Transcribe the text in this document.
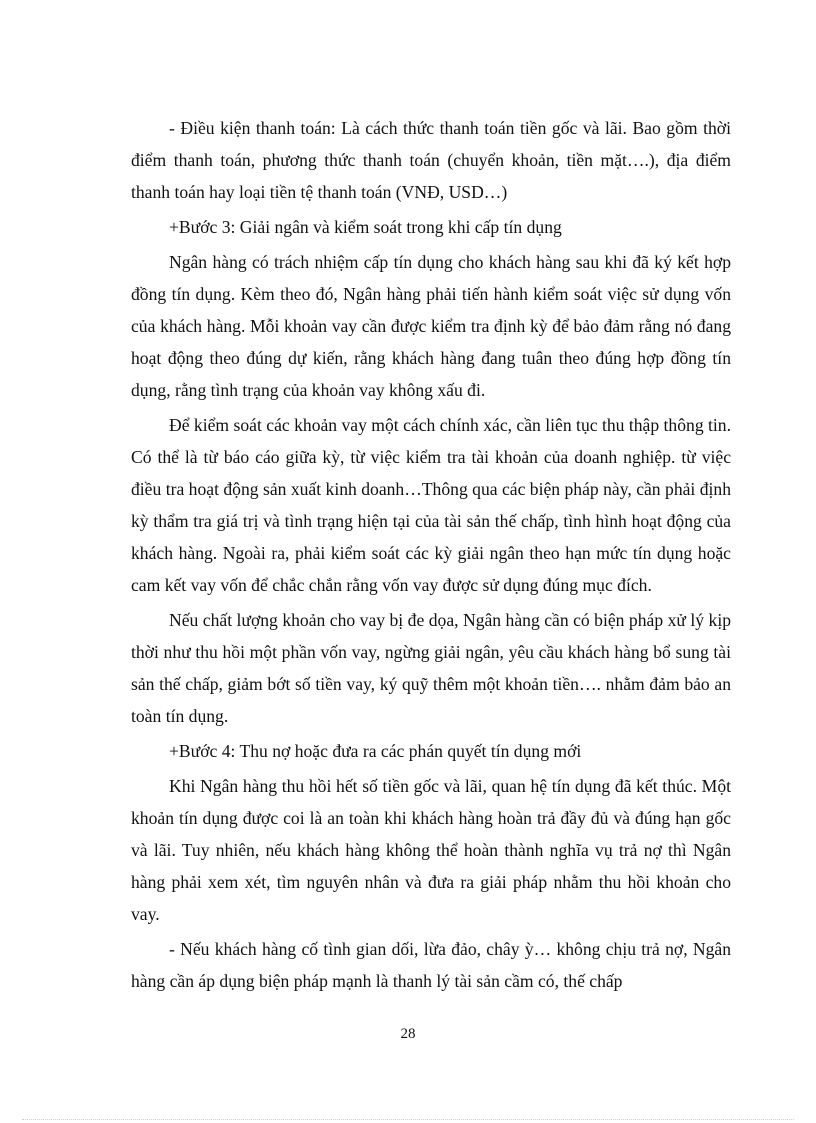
- Điều kiện thanh toán: Là cách thức thanh toán tiền gốc và lãi. Bao gồm thời điểm thanh toán, phương thức thanh toán (chuyển khoản, tiền mặt….), địa điểm thanh toán hay loại tiền tệ thanh toán (VNĐ, USD…)

+Bước 3: Giải ngân và kiểm soát trong khi cấp tín dụng

Ngân hàng có trách nhiệm cấp tín dụng cho khách hàng sau khi đã ký kết hợp đồng tín dụng. Kèm theo đó, Ngân hàng phải tiến hành kiểm soát việc sử dụng vốn của khách hàng. Mỗi khoản vay cần được kiểm tra định kỳ để bảo đảm rằng nó đang hoạt động theo đúng dự kiến, rằng khách hàng đang tuân theo đúng hợp đồng tín dụng, rằng tình trạng của khoản vay không xấu đi.

Để kiểm soát các khoản vay một cách chính xác, cần liên tục thu thập thông tin. Có thể là từ báo cáo giữa kỳ, từ việc kiểm tra tài khoản của doanh nghiệp. từ việc điều tra hoạt động sản xuất kinh doanh…Thông qua các biện pháp này, cần phải định kỳ thẩm tra giá trị và tình trạng hiện tại của tài sản thế chấp, tình hình hoạt động của khách hàng. Ngoài ra, phải kiểm soát các kỳ giải ngân theo hạn mức tín dụng hoặc cam kết vay vốn để chắc chắn rằng vốn vay được sử dụng đúng mục đích.

Nếu chất lượng khoản cho vay bị đe dọa, Ngân hàng cần có biện pháp xử lý kịp thời như thu hồi một phần vốn vay, ngừng giải ngân, yêu cầu khách hàng bổ sung tài sản thế chấp, giảm bớt số tiền vay, ký quỹ thêm một khoản tiền…. nhằm đảm bảo an toàn tín dụng.

+Bước 4: Thu nợ hoặc đưa ra các phán quyết tín dụng mới

Khi Ngân hàng thu hồi hết số tiền gốc và lãi, quan hệ tín dụng đã kết thúc. Một khoản tín dụng được coi là an toàn khi khách hàng hoàn trả đầy đủ và đúng hạn gốc và lãi. Tuy nhiên, nếu khách hàng không thể hoàn thành nghĩa vụ trả nợ thì Ngân hàng phải xem xét, tìm nguyên nhân và đưa ra giải pháp nhằm thu hồi khoản cho vay.

- Nếu khách hàng cố tình gian dối, lừa đảo, chây ỳ… không chịu trả nợ, Ngân hàng cần áp dụng biện pháp mạnh là thanh lý tài sản cầm có, thế chấp

28
